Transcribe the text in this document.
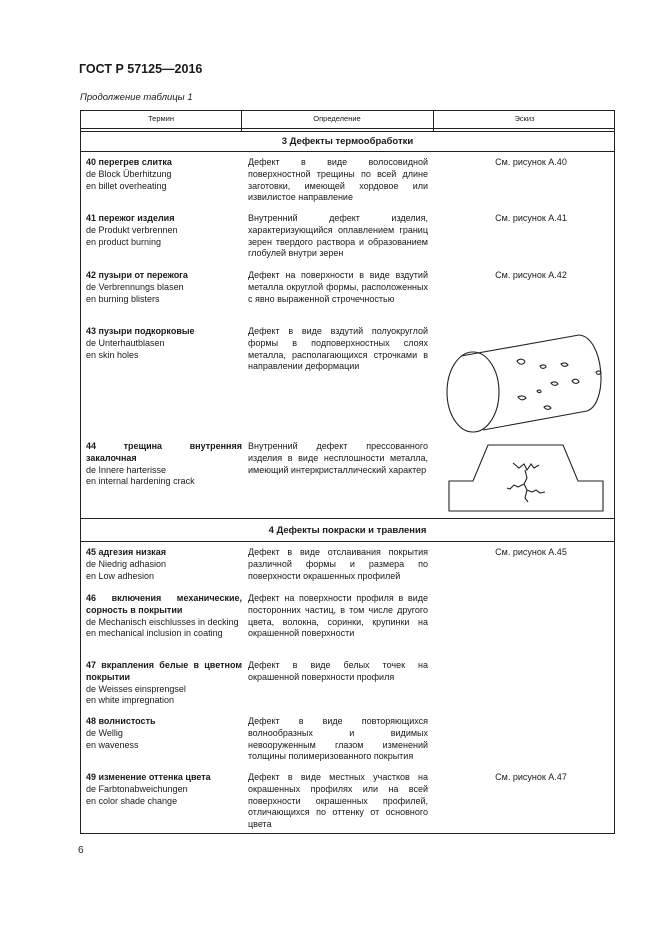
ГОСТ Р 57125—2016
Продолжение таблицы 1
Термин	Определение	Эскиз
3 Дефекты термообработки
40 перегрев слитка
de Block Überhitzung
en billet overheating
Дефект в виде волосовидной поверхностной трещины по всей длине заготовки, имеющей хордовое или извилистое направление
См. рисунок А.40
41 пережог изделия
de Produkt verbrennen
en product burning
Внутренний дефект изделия, характеризующийся оплавлением границ зерен твердого раствора и образованием глобулей внутри зерен
См. рисунок А.41
42 пузыри от пережога
de Verbrennungs blasen
en burning blisters
Дефект на поверхности в виде вздутий металла округлой формы, расположенных с явно выраженной строчечностью
См. рисунок А.42
43 пузыри подкорковые
de Unterhautblasen
en skin holes
Дефект в виде вздутий полуокруглой формы в подповерхностных слоях металла, располагающихся строчками в направлении деформации
44 трещина внутренняя закалочная
de Innere harterisse
en internal hardening crack
Внутренний дефект прессованного изделия в виде несплошности металла, имеющий интеркристаллический характер
4 Дефекты покраски и травления
45 адгезия низкая
de Niedrig adhasion
en Low adhesion
Дефект в виде отслаивания покрытия различной формы и размера по поверхности окрашенных профилей
См. рисунок А.45
46 включения механические, сорность в покрытии
de Mechanisch eischlusses in decking
en mechanical inclusion in coating
Дефект на поверхности профиля в виде посторонних частиц, в том числе другого цвета, волокна, соринки, крупинки на окрашенной поверхности
47 вкрапления белые в цветном покрытии
de Weisses einsprengsel
en white impregnation
Дефект в виде белых точек на окрашенной поверхности профиля
48 волнистость
de Wellig
en waveness
Дефект в виде повторяющихся волнообразных и видимых невооруженным глазом изменений толщины полимеризованного покрытия
49 изменение оттенка цвета
de Farbtonabweichungen
en color shade change
Дефект в виде местных участков на окрашенных профилях или на всей поверхности окрашенных профилей, отличающихся по оттенку от основного цвета
См. рисунок А.47
6
